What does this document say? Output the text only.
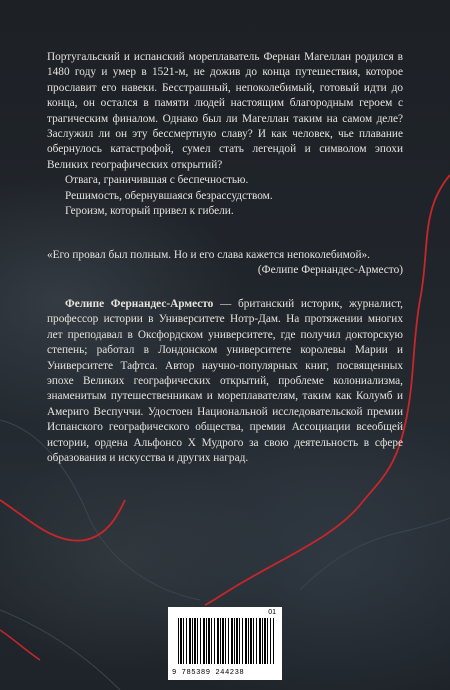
Португальский и испанский мореплаватель Фернан Магеллан родился в 1480 году и умер в 1521-м, не дожив до конца путешествия, которое прославит его навеки. Бесстрашный, непоколебимый, готовый идти до конца, он остался в памяти людей настоящим благородным героем с трагическим финалом. Однако был ли Магеллан таким на самом деле? Заслужил ли он эту бессмертную славу? И как человек, чье плавание обернулось катастрофой, сумел стать легендой и символом эпохи Великих географических открытий?

Отвага, граничившая с беспечностью.

Решимость, обернувшаяся безрассудством.

Героизм, который привел к гибели.

«Его провал был полным. Но и его слава кажется непоколебимой».

(Фелипе Фернандес-Арместо)

Фелипе Фернандес-Арместо — британский историк, журналист, профессор истории в Университете Нотр-Дам. На протяжении многих лет преподавал в Оксфордском университете, где получил докторскую степень; работал в Лондонском университете королевы Марии и Университете Тафтса. Автор научно-популярных книг, посвященных эпохе Великих географических открытий, проблеме колониализма, знаменитым путешественникам и мореплавателям, таким как Колумб и Америго Веспуччи. Удостоен Национальной исследовательской премии Испанского географического общества, премии Ассоциации всеобщей истории, ордена Альфонсо X Мудрого за свою деятельность в сфере образования и искусства и других наград.

01
9 785389 244238
